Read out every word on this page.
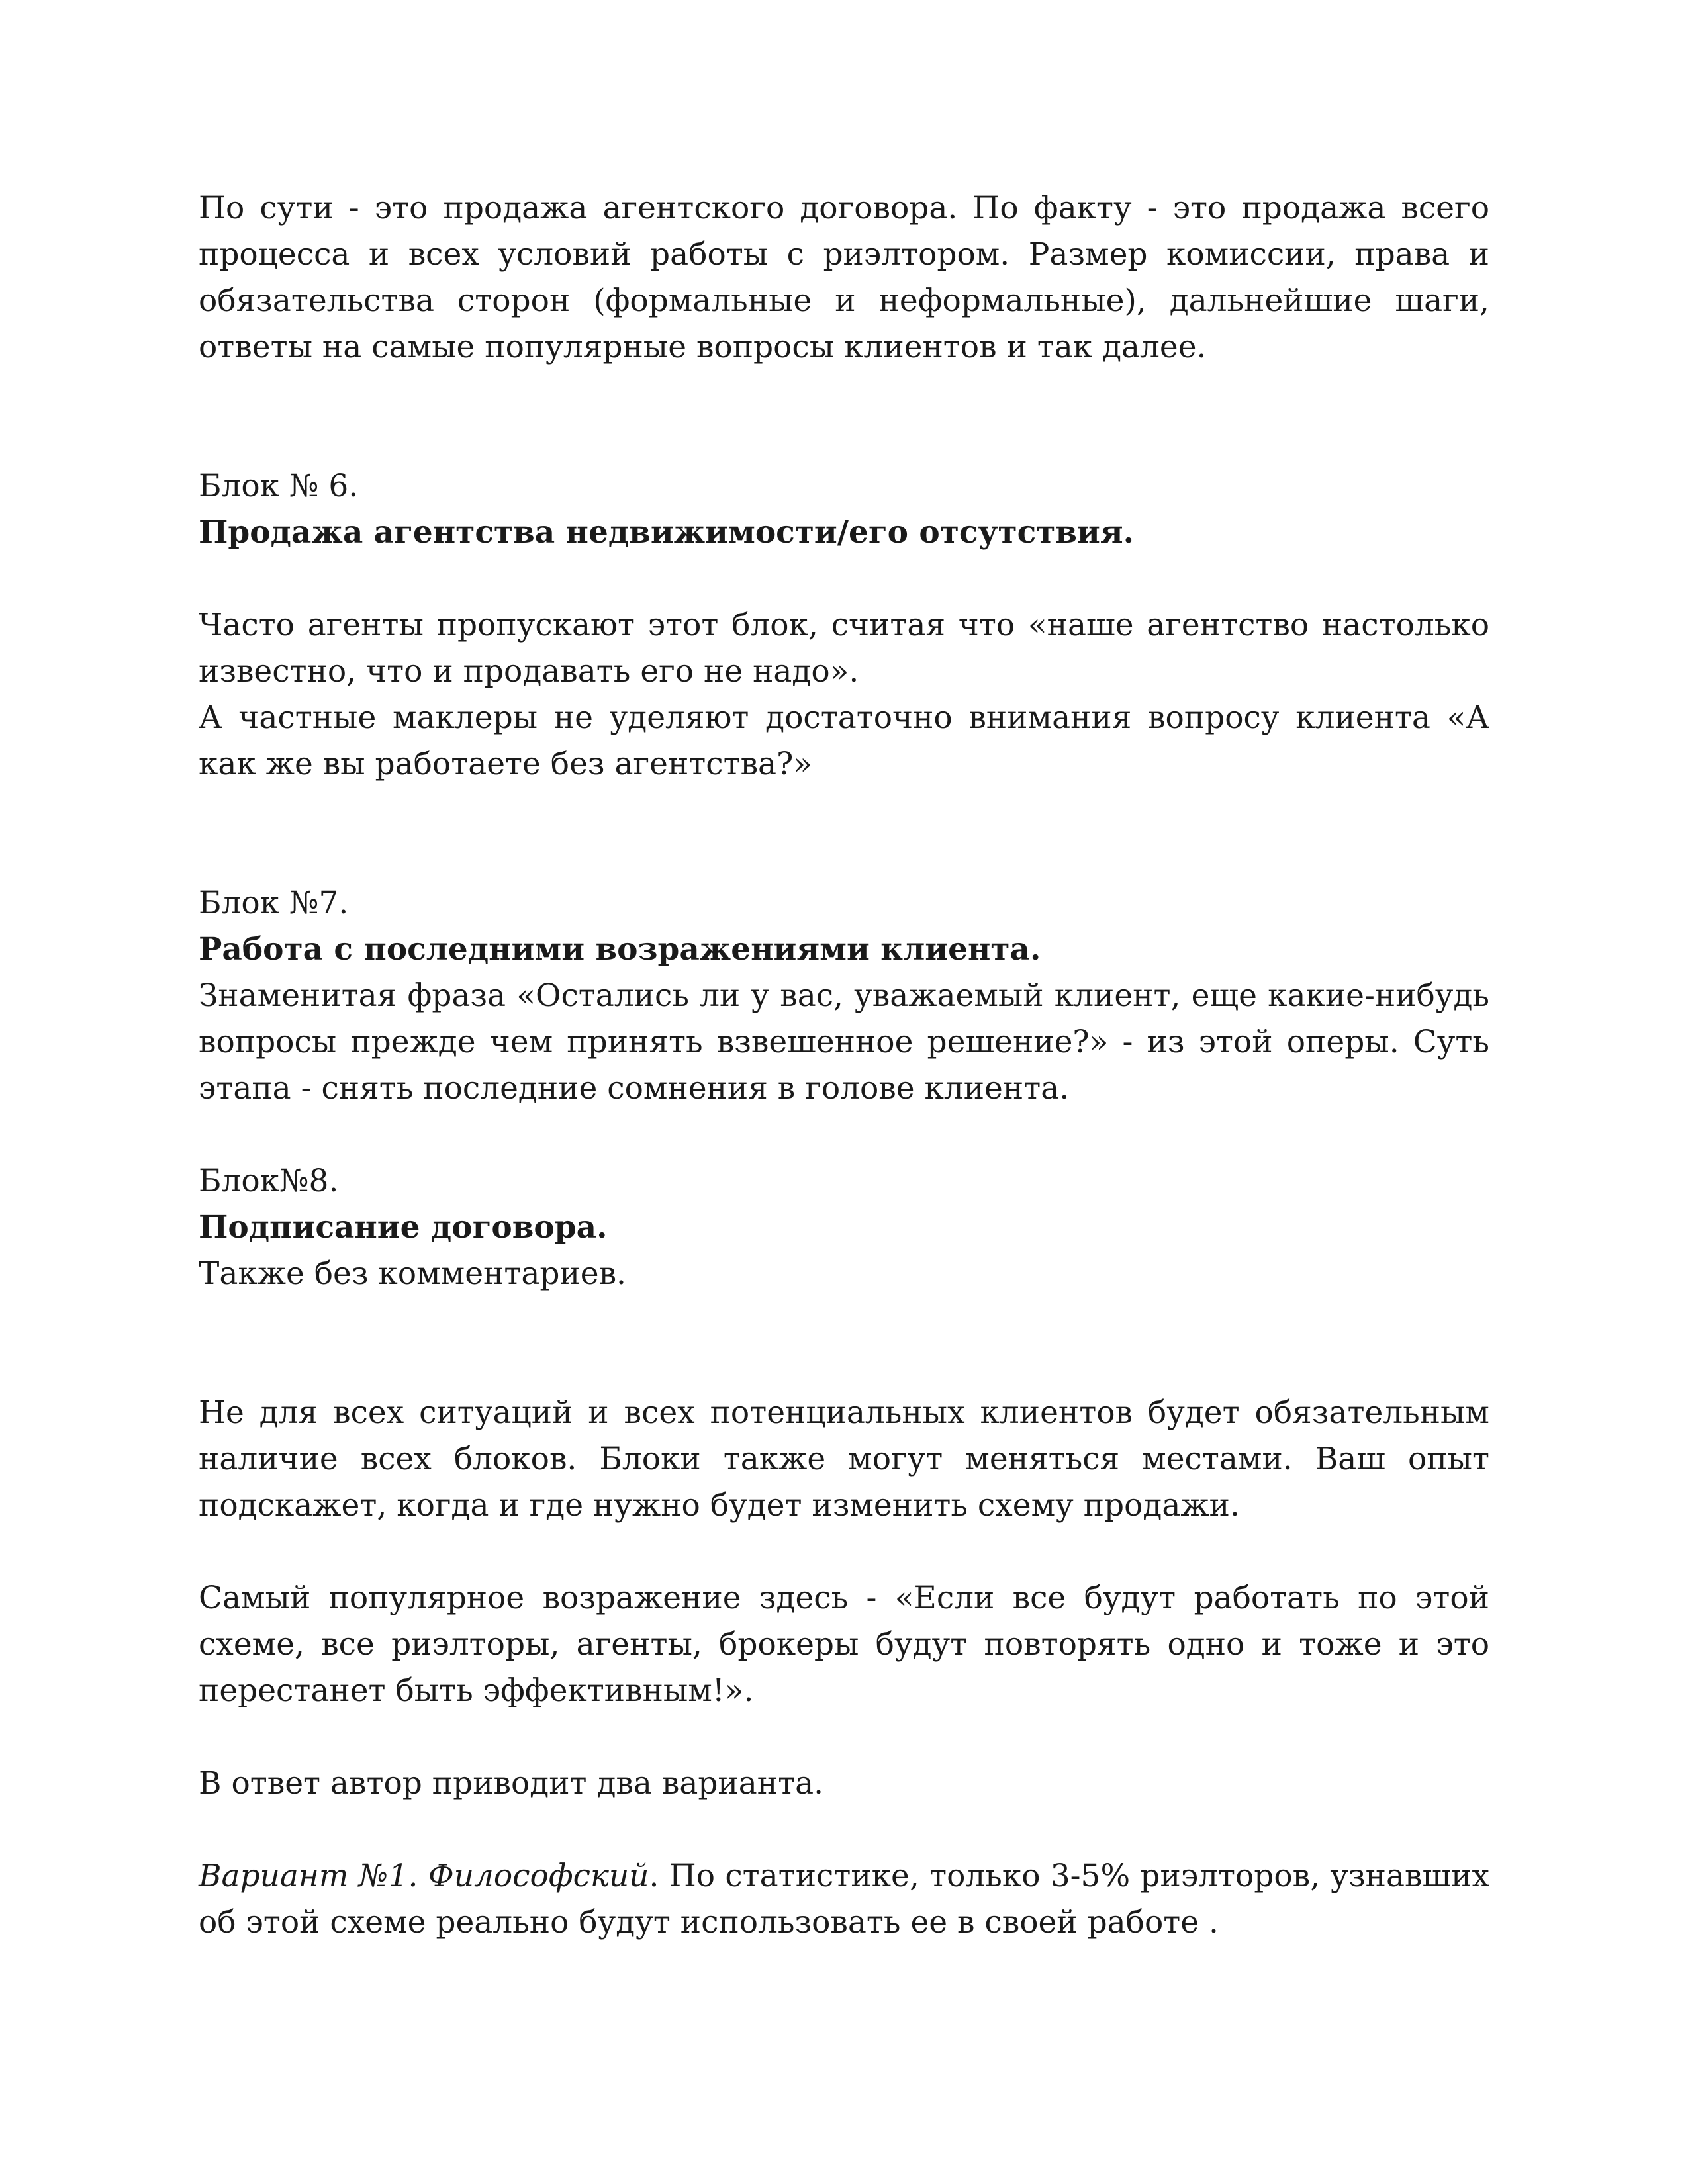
По сути - это продажа агентского договора. По факту - это продажа всего процесса и всех условий работы с риэлтором. Размер комиссии, права и обязательства сторон (формальные и неформальные), дальнейшие шаги, ответы на самые популярные вопросы клиентов и так далее.

Блок № 6.

Продажа агентства недвижимости/его отсутствия.

Часто агенты пропускают этот блок, считая что «наше агентство настолько известно, что и продавать его не надо».

А частные маклеры не уделяют достаточно внимания вопросу клиента «А как же вы работаете без агентства?»

Блок №7.

Работа с последними возражениями клиента.

Знаменитая фраза «Остались ли у вас, уважаемый клиент, еще какие-нибудь вопросы прежде чем принять взвешенное решение?» - из этой оперы. Суть этапа - снять последние сомнения в голове клиента.

Блок№8.

Подписание договора.

Также без комментариев.

Не для всех ситуаций и всех потенциальных клиентов будет обязательным наличие всех блоков. Блоки также могут меняться местами. Ваш опыт подскажет, когда и где нужно будет изменить схему продажи.

Самый популярное возражение здесь - «Если все будут работать по этой схеме, все риэлторы, агенты, брокеры будут повторять одно и тоже и это перестанет быть эффективным!».

В ответ автор приводит два варианта.

Вариант №1. Философский. По статистике, только 3-5% риэлторов, узнавших об этой схеме реально будут использовать ее в своей работе .
